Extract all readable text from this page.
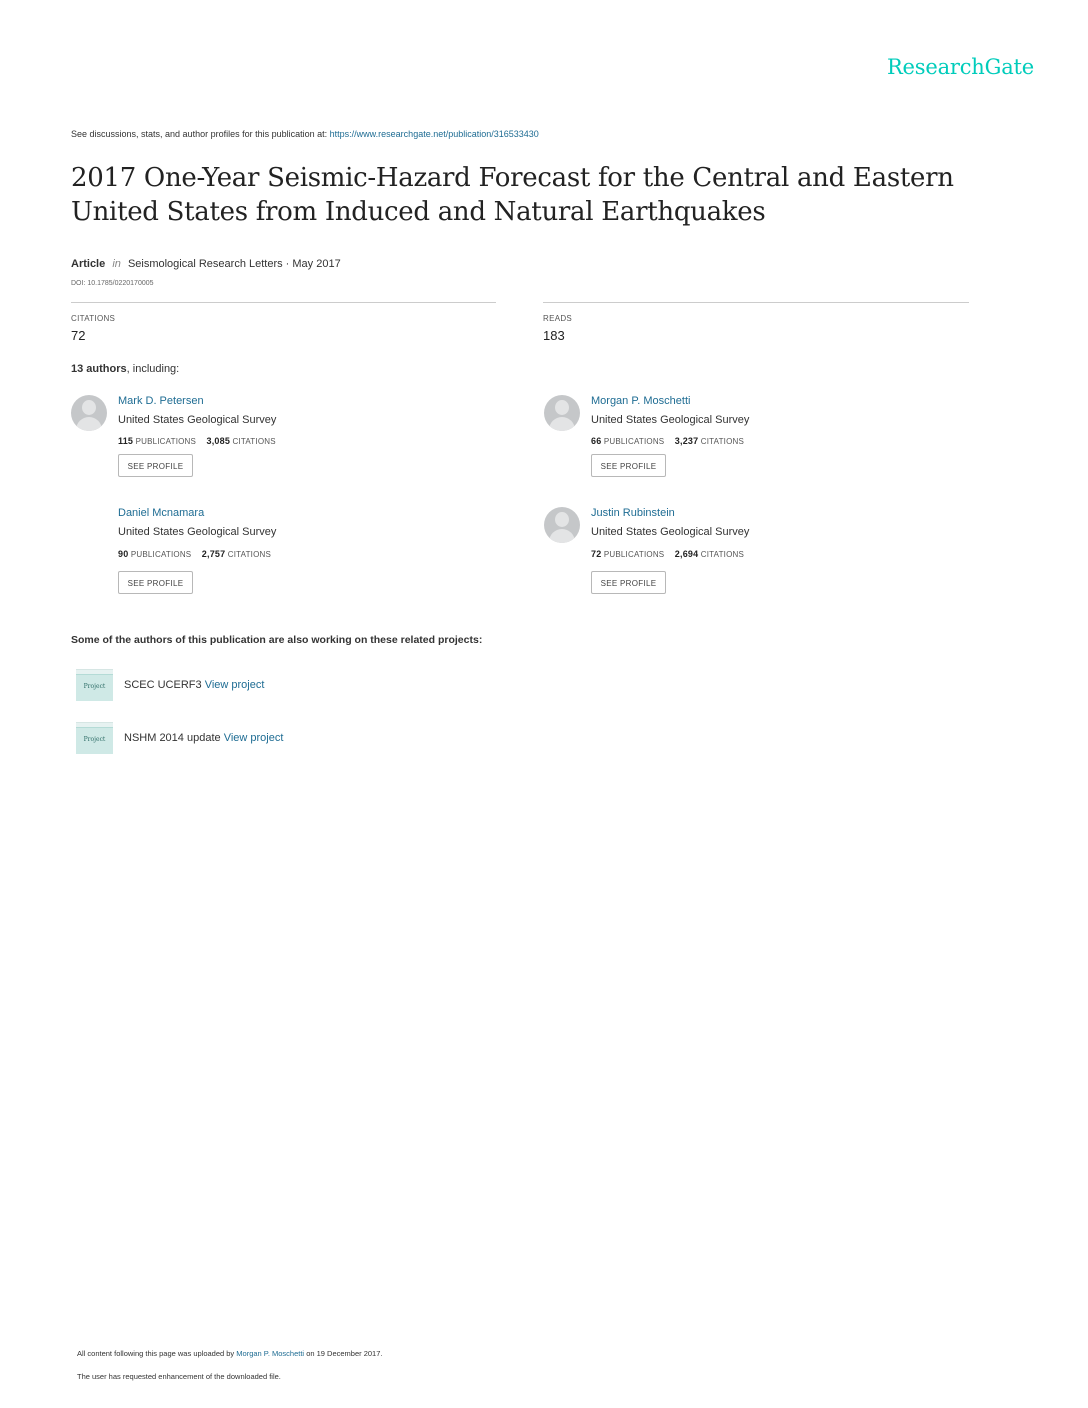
ResearchGate
See discussions, stats, and author profiles for this publication at: https://www.researchgate.net/publication/316533430
2017 One-Year Seismic-Hazard Forecast for the Central and Eastern United States from Induced and Natural Earthquakes
Article in Seismological Research Letters · May 2017
DOI: 10.1785/0220170005
CITATIONS
72
READS
183
13 authors, including:
Mark D. Petersen
United States Geological Survey
115 PUBLICATIONS 3,085 CITATIONS
SEE PROFILE
Morgan P. Moschetti
United States Geological Survey
66 PUBLICATIONS 3,237 CITATIONS
SEE PROFILE
Daniel Mcnamara
United States Geological Survey
90 PUBLICATIONS 2,757 CITATIONS
SEE PROFILE
Justin Rubinstein
United States Geological Survey
72 PUBLICATIONS 2,694 CITATIONS
SEE PROFILE
Some of the authors of this publication are also working on these related projects:
Project	SCEC UCERF3 View project
Project	NSHM 2014 update View project
All content following this page was uploaded by Morgan P. Moschetti on 19 December 2017.
The user has requested enhancement of the downloaded file.
